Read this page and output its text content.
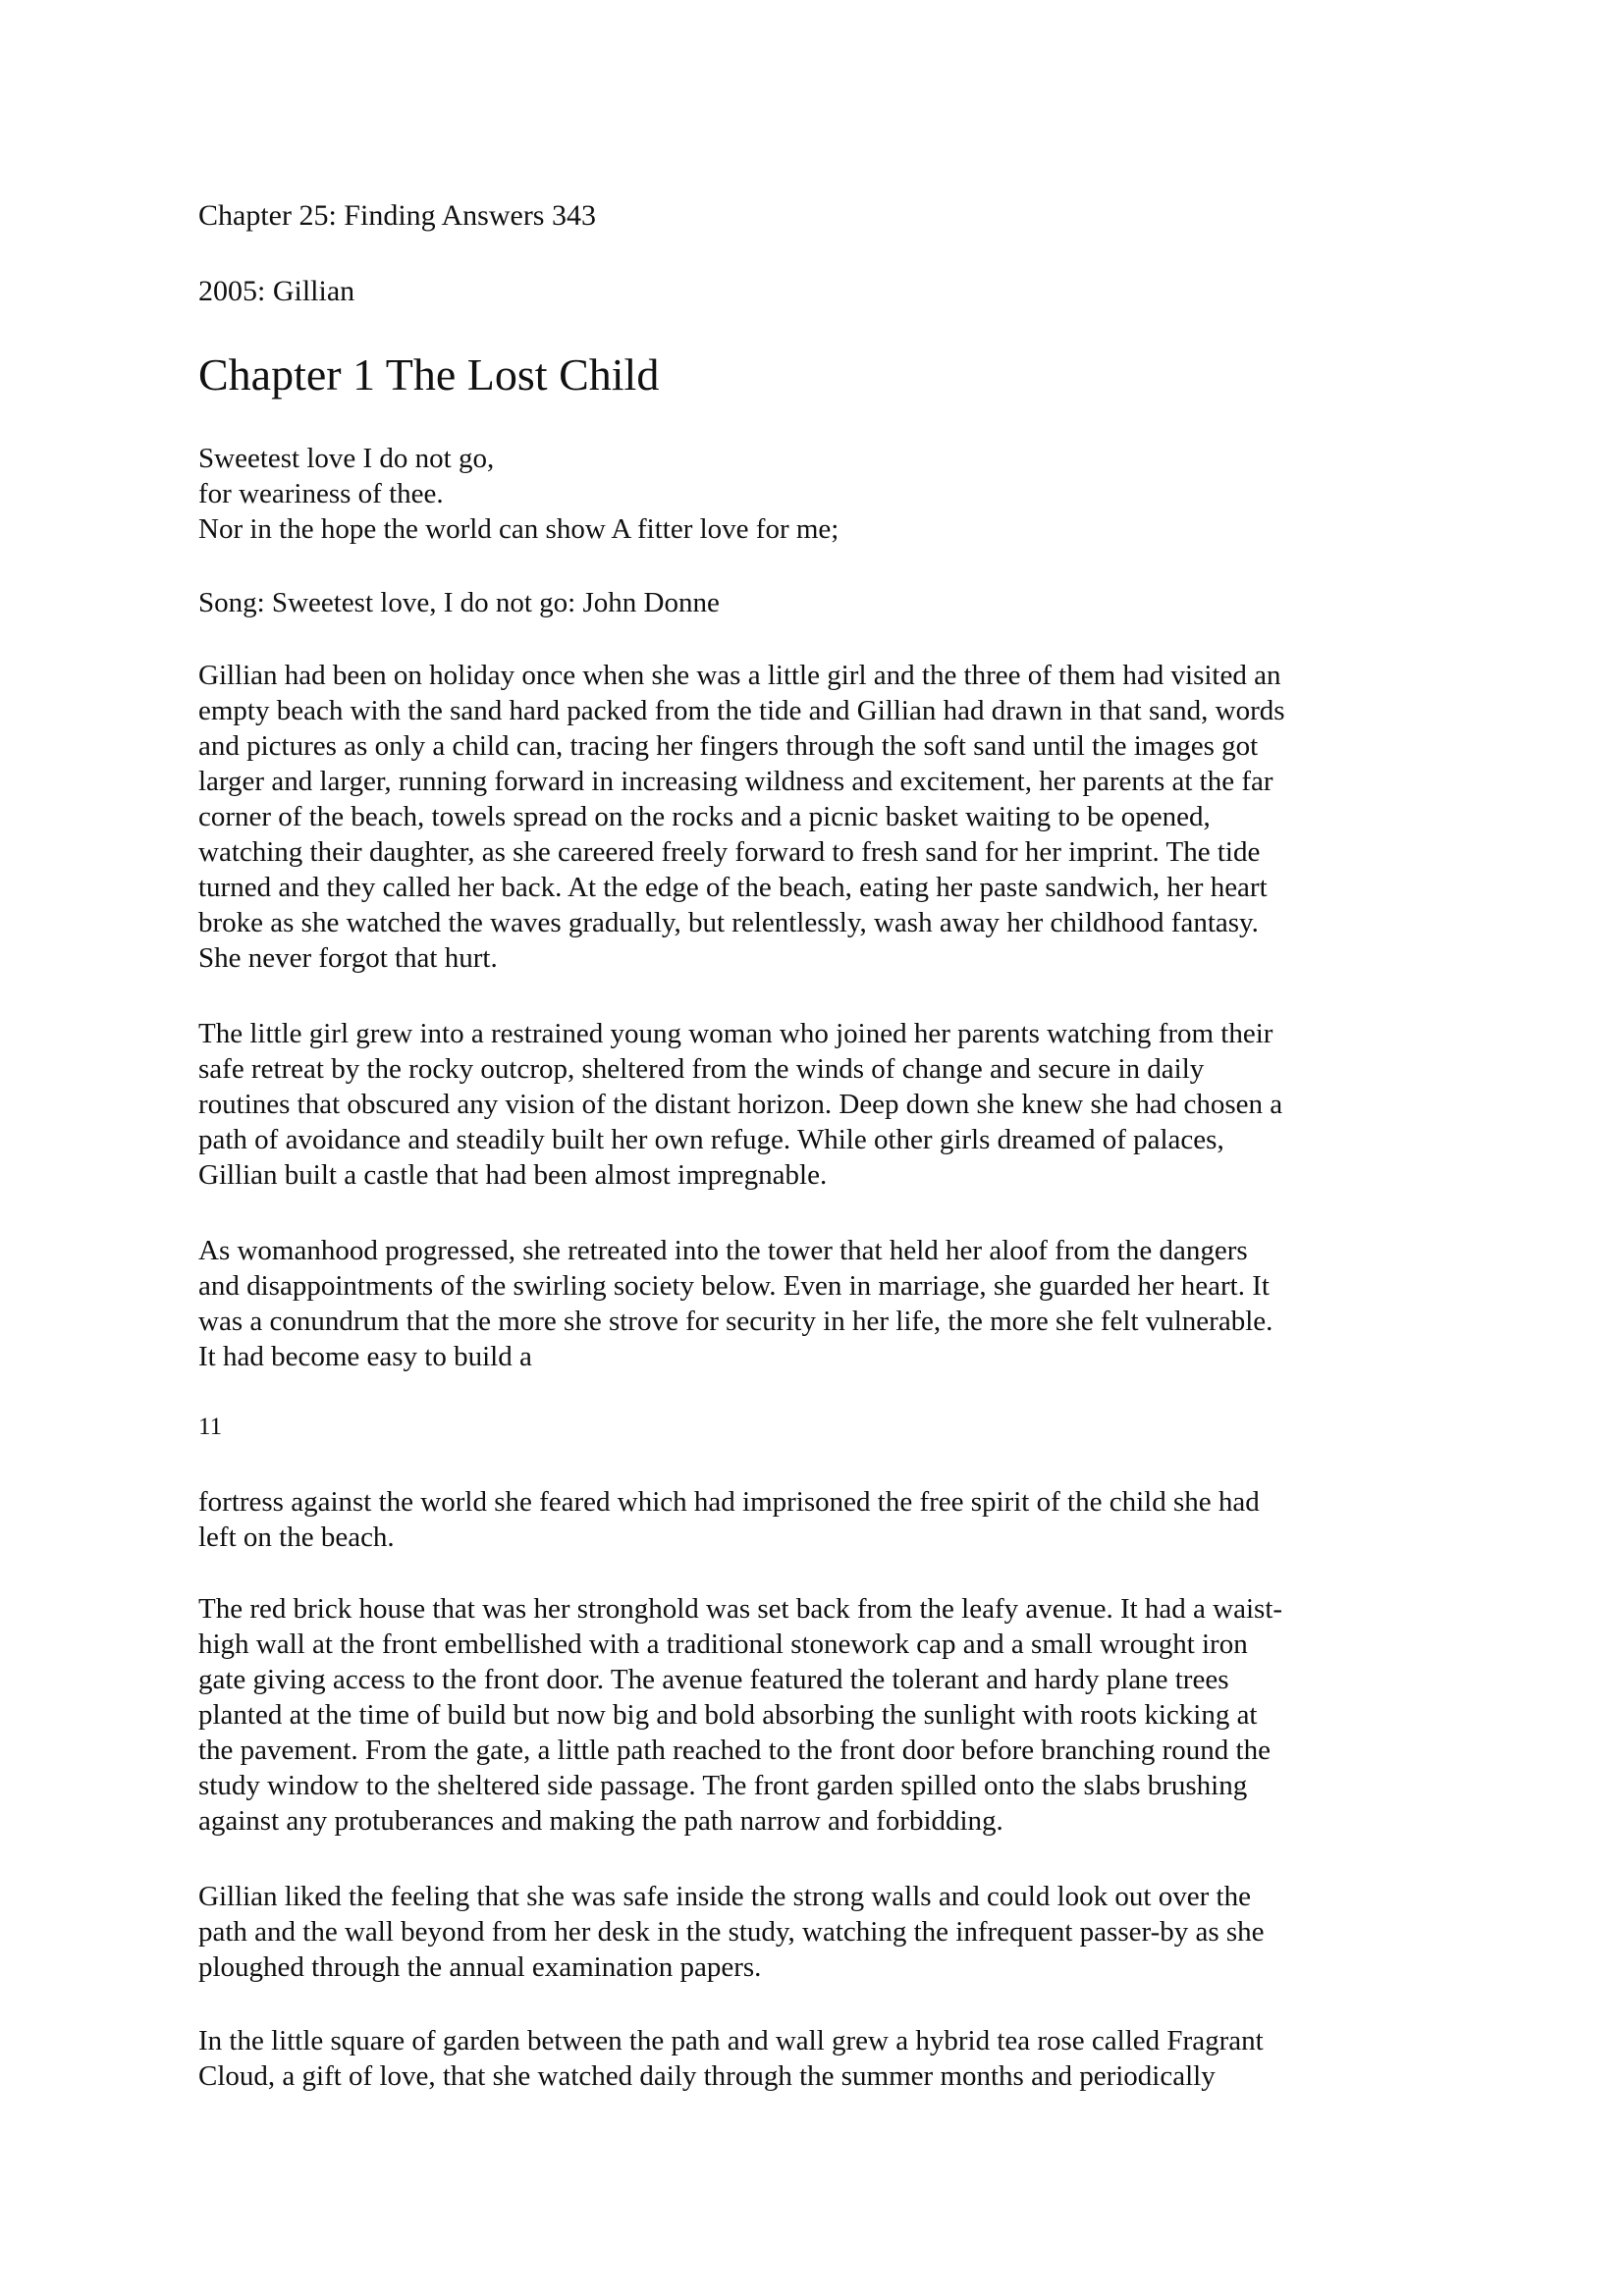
Chapter 25: Finding Answers 343

2005: Gillian

Chapter 1 The Lost Child
Sweetest love I do not go,
for weariness of thee.
Nor in the hope the world can show A fitter love for me;

Song: Sweetest love, I do not go: John Donne

Gillian had been on holiday once when she was a little girl and the three of them had visited an
empty beach with the sand hard packed from the tide and Gillian had drawn in that sand, words
and pictures as only a child can, tracing her fingers through the soft sand until the images got
larger and larger, running forward in increasing wildness and excitement, her parents at the far
corner of the beach, towels spread on the rocks and a picnic basket waiting to be opened,
watching their daughter, as she careered freely forward to fresh sand for her imprint. The tide
turned and they called her back. At the edge of the beach, eating her paste sandwich, her heart
broke as she watched the waves gradually, but relentlessly, wash away her childhood fantasy.
She never forgot that hurt.
The little girl grew into a restrained young woman who joined her parents watching from their
safe retreat by the rocky outcrop, sheltered from the winds of change and secure in daily
routines that obscured any vision of the distant horizon. Deep down she knew she had chosen a
path of avoidance and steadily built her own refuge. While other girls dreamed of palaces,
Gillian built a castle that had been almost impregnable.
As womanhood progressed, she retreated into the tower that held her aloof from the dangers
and disappointments of the swirling society below. Even in marriage, she guarded her heart. It
was a conundrum that the more she strove for security in her life, the more she felt vulnerable.
It had become easy to build a

11

fortress against the world she feared which had imprisoned the free spirit of the child she had
left on the beach.
The red brick house that was her stronghold was set back from the leafy avenue. It had a waist-
high wall at the front embellished with a traditional stonework cap and a small wrought iron
gate giving access to the front door. The avenue featured the tolerant and hardy plane trees
planted at the time of build but now big and bold absorbing the sunlight with roots kicking at
the pavement. From the gate, a little path reached to the front door before branching round the
study window to the sheltered side passage. The front garden spilled onto the slabs brushing
against any protuberances and making the path narrow and forbidding.
Gillian liked the feeling that she was safe inside the strong walls and could look out over the
path and the wall beyond from her desk in the study, watching the infrequent passer-by as she
ploughed through the annual examination papers.
In the little square of garden between the path and wall grew a hybrid tea rose called Fragrant
Cloud, a gift of love, that she watched daily through the summer months and periodically
